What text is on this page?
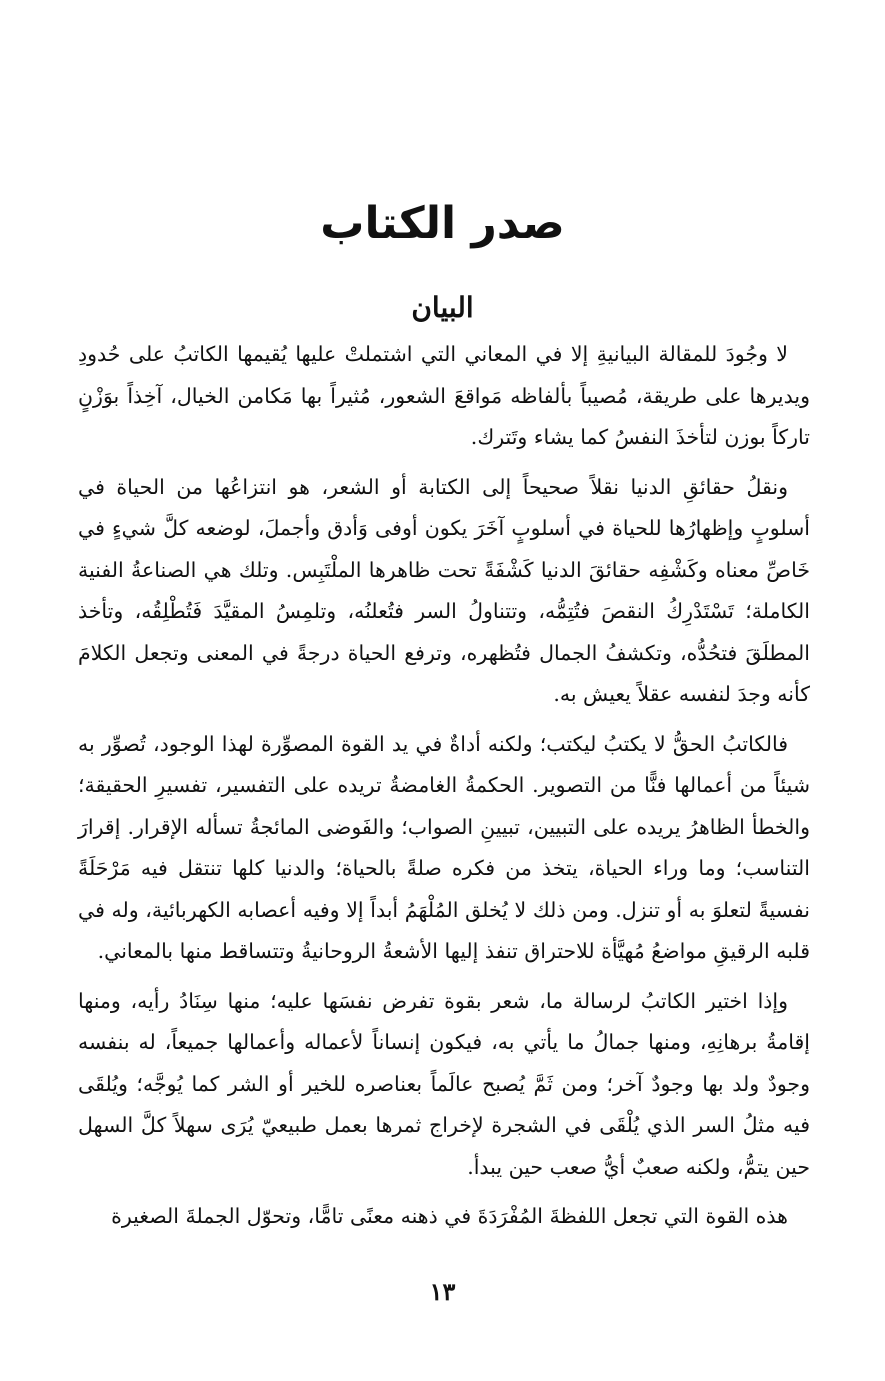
صدر الكتاب
البيان

لا وجُودَ للمقالة البيانيةِ إلا في المعاني التي اشتملتْ عليها يُقيمها الكاتبُ على حُدودِ ويديرها على طريقة، مُصيباً بألفاظه مَواقعَ الشعور، مُثيراً بها مَكامن الخيال، آخِذاً بوَزْنٍ تاركاً بوزن لتأخذَ النفسُ كما يشاء وتَترك.

ونقلُ حقائقِ الدنيا نقلاً صحيحاً إلى الكتابة أو الشعر، هو انتزاعُها من الحياة في أسلوبٍ وإظهارُها للحياة في أسلوبٍ آخَرَ يكون أوفى وَأدق وأجملَ، لوضعه كلَّ شيءٍ في خَاصِّ معناه وكَشْفِه حقائقَ الدنيا كَشْفَةً تحت ظاهرها الملْتَبِس. وتلك هي الصناعةُ الفنية الكاملة؛ تَسْتَدْرِكُ النقصَ فتُتِمُّه، وتتناولُ السر فتُعلنُه، وتلمِسُ المقيَّدَ فَتُطْلِقُه، وتأخذ المطلَقَ فتحُدُّه، وتكشفُ الجمال فتُظهره، وترفع الحياة درجةً في المعنى وتجعل الكلامَ كأنه وجدَ لنفسه عقلاً يعيش به.

فالكاتبُ الحقُّ لا يكتبُ ليكتب؛ ولكنه أداةٌ في يد القوة المصوِّرة لهذا الوجود، تُصوِّر به شيئاً من أعمالها فنًّا من التصوير. الحكمةُ الغامضةُ تريده على التفسير، تفسيرِ الحقيقة؛ والخطأ الظاهرُ يريده على التبيين، تبيينِ الصواب؛ والفَوضى المائجةُ تسأله الإقرار. إقرارَ التناسب؛ وما وراء الحياة، يتخذ من فكره صلةً بالحياة؛ والدنيا كلها تنتقل فيه مَرْحَلَةً نفسيةً لتعلوَ به أو تنزل. ومن ذلك لا يُخلق المُلْهَمُ أبداً إلا وفيه أعصابه الكهربائية، وله في قلبه الرقيقِ مواضعُ مُهيَّأة للاحتراق تنفذ إليها الأشعةُ الروحانيةُ وتتساقط منها بالمعاني.

وإذا اختير الكاتبُ لرسالة ما، شعر بقوة تفرض نفسَها عليه؛ منها سِنَادُ رأيه، ومنها إقامةُ برهانِهِ، ومنها جمالُ ما يأتي به، فيكون إنساناً لأعماله وأعمالها جميعاً، له بنفسه وجودٌ ولد بها وجودٌ آخر؛ ومن ثَمَّ يُصبح عالَماً بعناصره للخير أو الشر كما يُوجَّه؛ ويُلقَى فيه مثلُ السر الذي يُلْقَى في الشجرة لإخراج ثمرها بعمل طبيعيّ يُرَى سهلاً كلَّ السهل حين يتمُّ، ولكنه صعبٌ أيُّ صعب حين يبدأ.

هذه القوة التي تجعل اللفظةَ المُفْرَدَةَ في ذهنه معنًى تامًّا، وتحوّل الجملةَ الصغيرة

١٣
